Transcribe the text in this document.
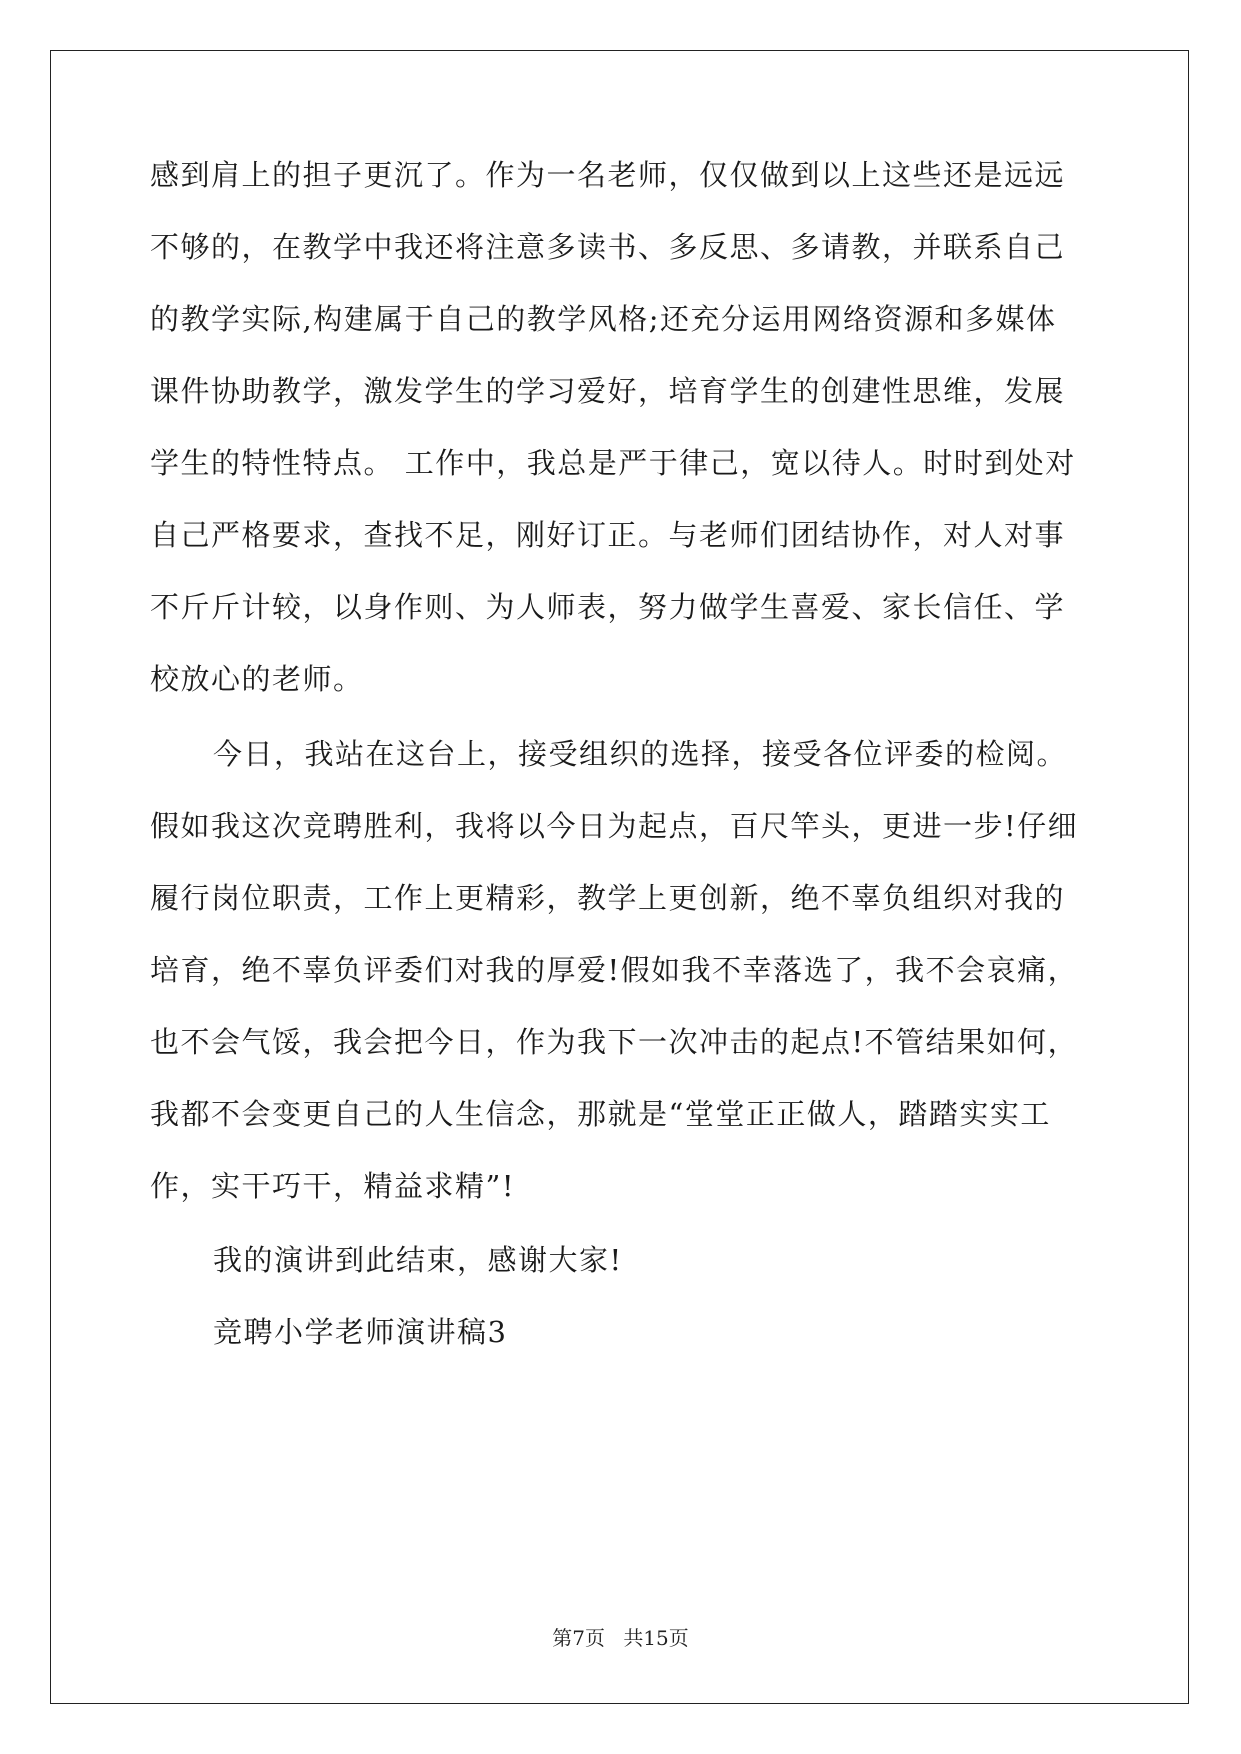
感到肩上的担子更沉了。作为一名老师，仅仅做到以上这些还是远远
不够的，在教学中我还将注意多读书、多反思、多请教，并联系自己
的教学实际,构建属于自己的教学风格;还充分运用网络资源和多媒体
课件协助教学，激发学生的学习爱好，培育学生的创建性思维，发展
学生的特性特点。 工作中，我总是严于律己，宽以待人。时时到处对
自己严格要求，查找不足，刚好订正。与老师们团结协作，对人对事
不斤斤计较，以身作则、为人师表，努力做学生喜爱、家长信任、学
校放心的老师。
今日，我站在这台上，接受组织的选择，接受各位评委的检阅。
假如我这次竞聘胜利，我将以今日为起点，百尺竿头，更进一步!仔细
履行岗位职责，工作上更精彩，教学上更创新，绝不辜负组织对我的
培育，绝不辜负评委们对我的厚爱!假如我不幸落选了，我不会哀痛，
也不会气馁，我会把今日，作为我下一次冲击的起点!不管结果如何，
我都不会变更自己的人生信念，那就是“堂堂正正做人，踏踏实实工
作，实干巧干，精益求精”!
我的演讲到此结束，感谢大家!
竞聘小学老师演讲稿3
第7页 共15页
